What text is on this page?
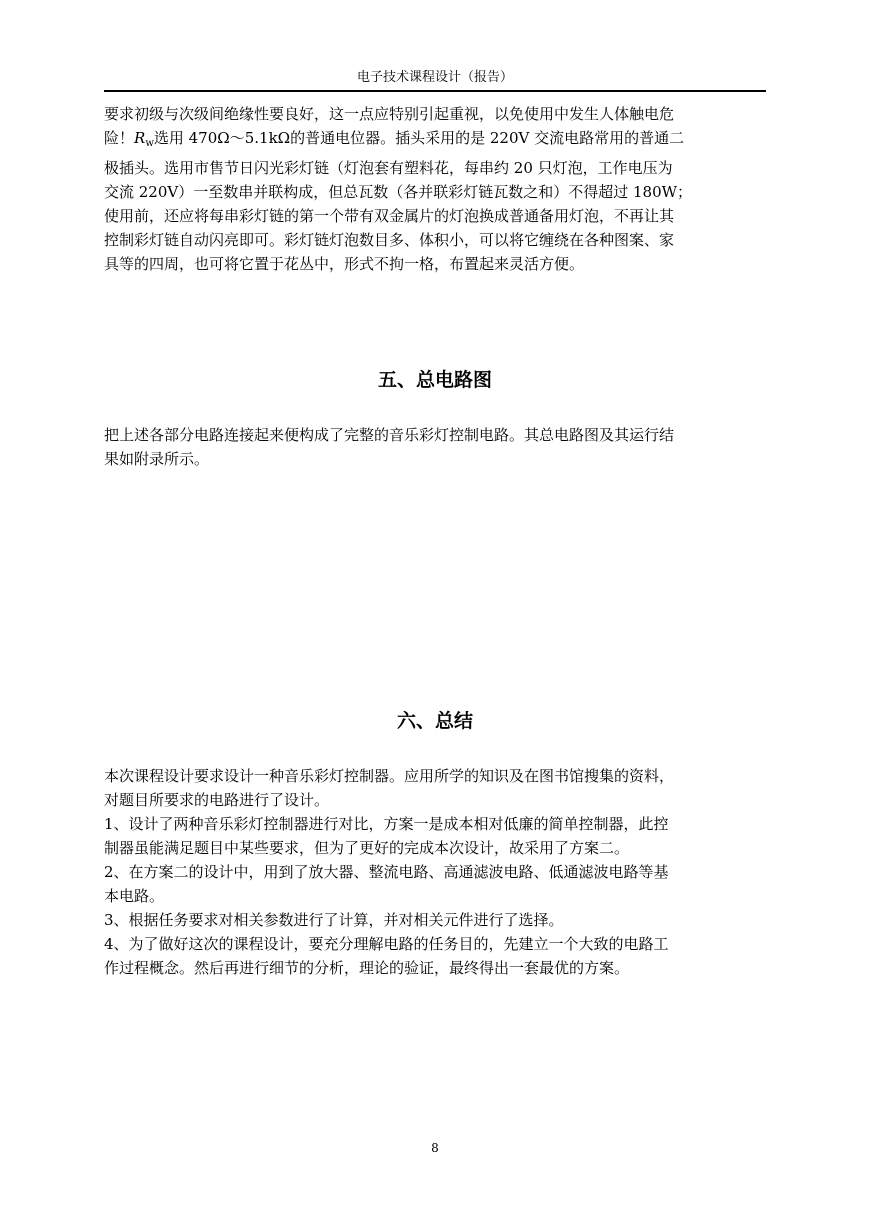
电子技术课程设计（报告）
要求初级与次级间绝缘性要良好，这一点应特别引起重视，以免使用中发生人体触电危
险！$R_w$选用 470Ω～5.1kΩ的普通电位器。插头采用的是 220V 交流电路常用的普通二
极插头。选用市售节日闪光彩灯链（灯泡套有塑料花，每串约 20 只灯泡，工作电压为
交流 220V）一至数串并联构成，但总瓦数（各并联彩灯链瓦数之和）不得超过 180W；
使用前，还应将每串彩灯链的第一个带有双金属片的灯泡换成普通备用灯泡，不再让其
控制彩灯链自动闪亮即可。彩灯链灯泡数目多、体积小，可以将它缠绕在各种图案、家
具等的四周，也可将它置于花丛中，形式不拘一格，布置起来灵活方便。
五、总电路图
把上述各部分电路连接起来便构成了完整的音乐彩灯控制电路。其总电路图及其运行结
果如附录所示。
六、总结
本次课程设计要求设计一种音乐彩灯控制器。应用所学的知识及在图书馆搜集的资料，
对题目所要求的电路进行了设计。
1、设计了两种音乐彩灯控制器进行对比，方案一是成本相对低廉的简单控制器，此控
制器虽能满足题目中某些要求，但为了更好的完成本次设计，故采用了方案二。
2、在方案二的设计中，用到了放大器、整流电路、高通滤波电路、低通滤波电路等基
本电路。
3、根据任务要求对相关参数进行了计算，并对相关元件进行了选择。
4、为了做好这次的课程设计，要充分理解电路的任务目的，先建立一个大致的电路工
作过程概念。然后再进行细节的分析，理论的验证，最终得出一套最优的方案。
8
